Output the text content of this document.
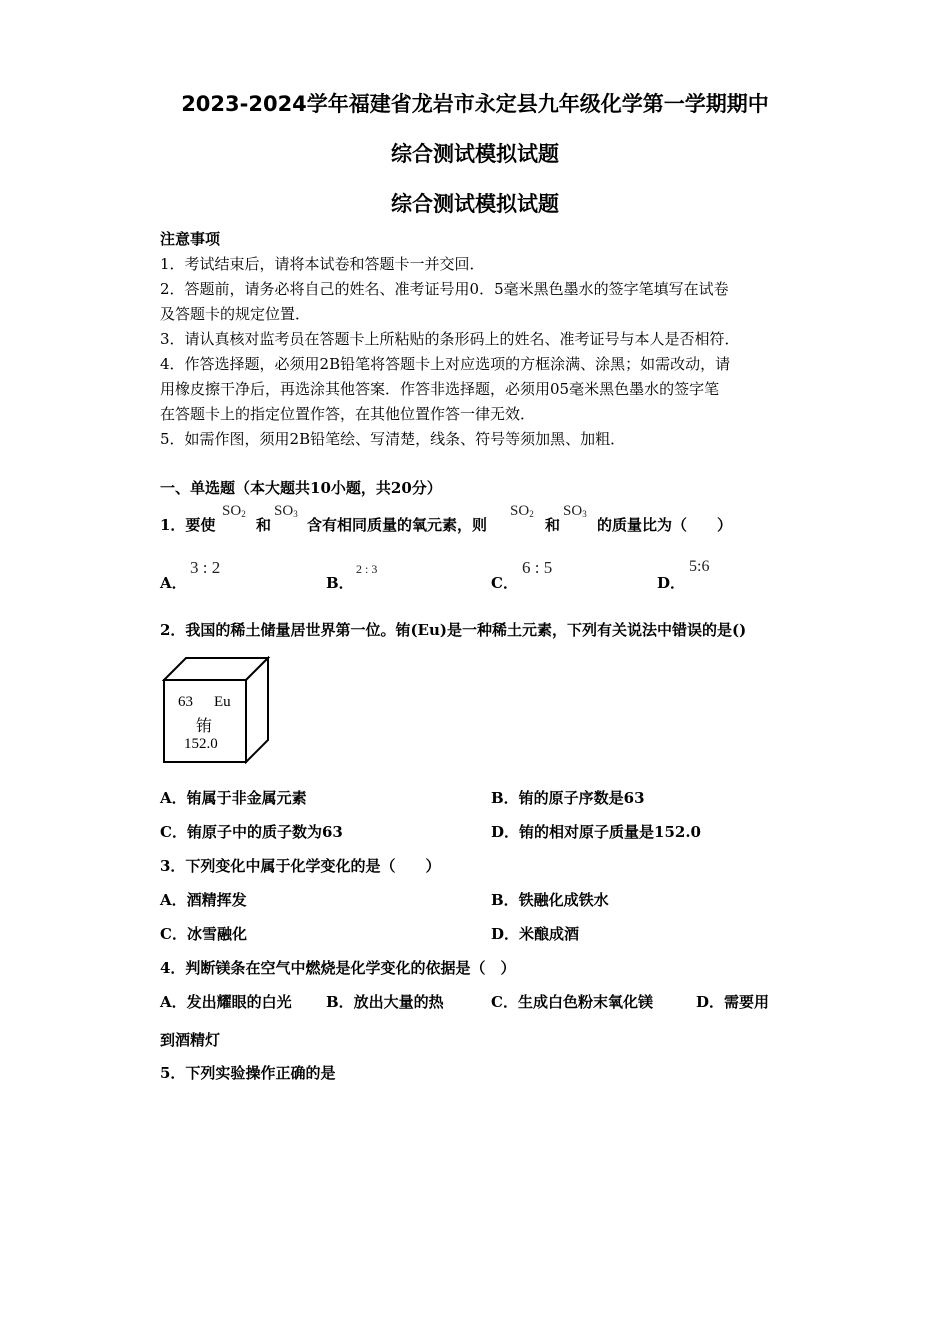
2023-2024学年福建省龙岩市永定县九年级化学第一学期期中
综合测试模拟试题
综合测试模拟试题
注意事项
1．考试结束后，请将本试卷和答题卡一并交回．
2．答题前，请务必将自己的姓名、准考证号用0．5毫米黑色墨水的签字笔填写在试卷
及答题卡的规定位置．
3．请认真核对监考员在答题卡上所粘贴的条形码上的姓名、准考证号与本人是否相符．
4．作答选择题，必须用2B铅笔将答题卡上对应选项的方框涂满、涂黑；如需改动，请
用橡皮擦干净后，再选涂其他答案．作答非选择题，必须用05毫米黑色墨水的签字笔
在答题卡上的指定位置作答，在其他位置作答一律无效．
5．如需作图，须用2B铅笔绘、写清楚，线条、符号等须加黑、加粗．
一、单选题（本大题共10小题，共20分）
1．要使
$SO_2$
和
$SO_3$
含有相同质量的氧元素，则
$SO_2$
和
$SO_3$
的质量比为（　　）
A．
3 : 2
B．
2 : 3
C．
6 : 5
D．
5:6
2．我国的稀土储量居世界第一位。铕(Eu)是一种稀土元素，下列有关说法中错误的是()
63 Eu
铕
152.0
A．铕属于非金属元素	B．铕的原子序数是63
C．铕原子中的质子数为63	D．铕的相对原子质量是152.0
3．下列变化中属于化学变化的是（　　）
A．酒精挥发	B．铁融化成铁水
C．冰雪融化	D．米酿成酒
4．判断镁条在空气中燃烧是化学变化的依据是（　）
A．发出耀眼的白光 B．放出大量的热	C．生成白色粉末氧化镁	D．需要用
到酒精灯
5．下列实验操作正确的是
